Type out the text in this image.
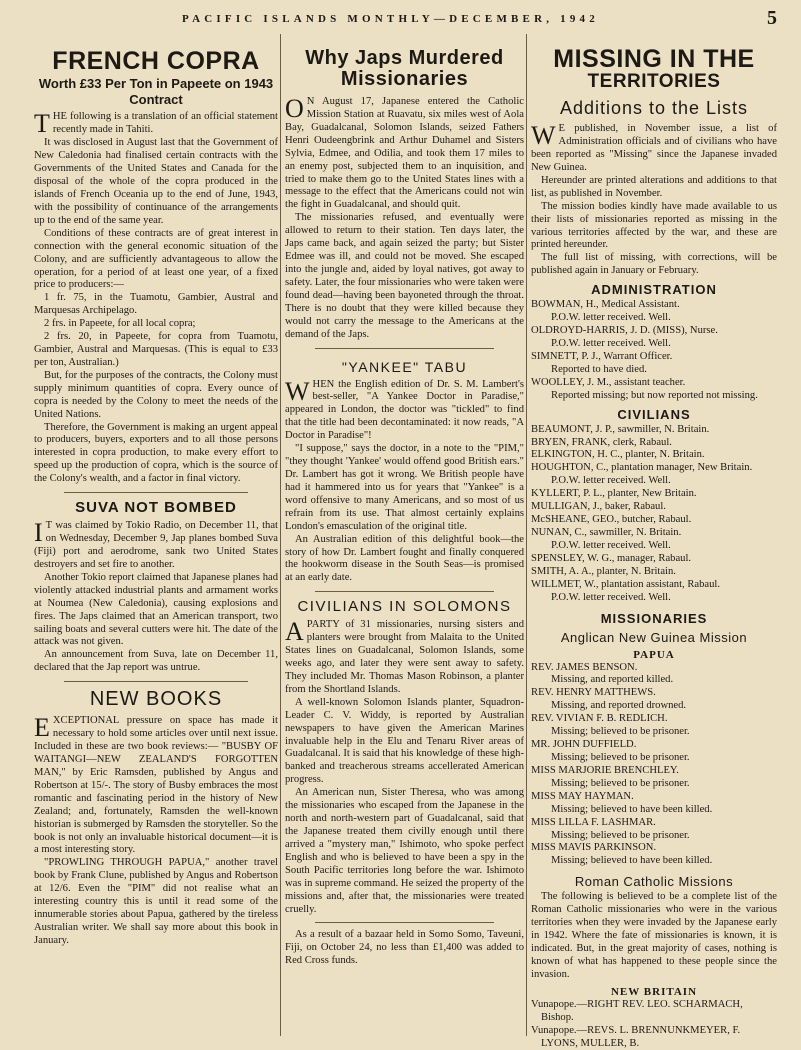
PACIFIC ISLANDS MONTHLY—DECEMBER, 1942	5
FRENCH COPRA
Worth £33 Per Ton in Papeete on 1943 Contract

THE following is a translation of an official statement recently made in Tahiti.

It was disclosed in August last that the Government of New Caledonia had finalised certain contracts with the Governments of the United States and Canada for the disposal of the whole of the copra produced in the islands of French Oceania up to the end of June, 1943, with the possibility of continuance of the arrangements up to the end of the same year.

Conditions of these contracts are of great interest in connection with the general economic situation of the Colony, and are sufficiently advantageous to allow the operation, for a period of at least one year, of a fixed price to producers:—

1 fr. 75, in the Tuamotu, Gambier, Austral and Marquesas Archipelago.

2 frs. in Papeete, for all local copra;

2 frs. 20, in Papeete, for copra from Tuamotu, Gambier, Austral and Marquesas. (This is equal to £33 per ton, Australian.)

But, for the purposes of the contracts, the Colony must supply minimum quantities of copra. Every ounce of copra is needed by the Colony to meet the needs of the United Nations.

Therefore, the Government is making an urgent appeal to producers, buyers, exporters and to all those persons interested in copra production, to make every effort to speed up the production of copra, which is the source of the Colony's wealth, and a factor in final victory.

SUVA NOT BOMBED

IT was claimed by Tokio Radio, on December 11, that on Wednesday, December 9, Jap planes bombed Suva (Fiji) port and aerodrome, sank two United States destroyers and set fire to another.

Another Tokio report claimed that Japanese planes had violently attacked industrial plants and armament works at Noumea (New Caledonia), causing explosions and fires. The Japs claimed that an American transport, two sailing boats and several cutters were hit. The date of the attack was not given.

An announcement from Suva, late on December 11, declared that the Jap report was untrue.

NEW BOOKS

EXCEPTIONAL pressure on space has made it necessary to hold some articles over until next issue. Included in these are two book reviews:— "BUSBY OF WAITANGI—NEW ZEALAND'S FORGOTTEN MAN," by Eric Ramsden, published by Angus and Robertson at 15/-. The story of Busby embraces the most romantic and fascinating period in the history of New Zealand; and, fortunately, Ramsden the well-known historian is submerged by Ramsden the storyteller. So the book is not only an invaluable historical document—it is a most interesting story.

"PROWLING THROUGH PAPUA," another travel book by Frank Clune, published by Angus and Robertson at 12/6. Even the "PIM" did not realise what an interesting country this is until it read some of the innumerable stories about Papua, gathered by the tireless Australian writer. We shall say more about this book in January.

Why Japs Murdered Missionaries

ON August 17, Japanese entered the Catholic Mission Station at Ruavatu, six miles west of Aola Bay, Guadalcanal, Solomon Islands, seized Fathers Henri Oudeengbrink and Arthur Duhamel and Sisters Sylvia, Edmee, and Odilia, and took them 17 miles to an enemy post, subjected them to an inquisition, and tried to make them go to the United States lines with a message to the effect that the Americans could not win the fight in Guadalcanal, and should quit.

The missionaries refused, and eventually were allowed to return to their station. Ten days later, the Japs came back, and again seized the party; but Sister Edmee was ill, and could not be moved. She escaped into the jungle and, aided by loyal natives, got away to safety. Later, the four missionaries who were taken were found dead—having been bayoneted through the throat. There is no doubt that they were killed because they would not carry the message to the Americans at the demand of the Japs.

"YANKEE" TABU

WHEN the English edition of Dr. S. M. Lambert's best-seller, "A Yankee Doctor in Paradise," appeared in London, the doctor was "tickled" to find that the title had been decontaminated: it now reads, "A Doctor in Paradise"!

"I suppose," says the doctor, in a note to the "PIM," "they thought 'Yankee' would offend good British ears." Dr. Lambert has got it wrong. We British people have had it hammered into us for years that "Yankee" is a word offensive to many Americans, and so most of us refrain from its use. That almost certainly explains London's emasculation of the original title.

An Australian edition of this delightful book—the story of how Dr. Lambert fought and finally conquered the hookworm disease in the South Seas—is promised at an early date.

CIVILIANS IN SOLOMONS

APARTY of 31 missionaries, nursing sisters and planters were brought from Malaita to the United States lines on Guadalcanal, Solomon Islands, some weeks ago, and later they were sent away to safety. They included Mr. Thomas Mason Robinson, a planter from the Shortland Islands.

A well-known Solomon Islands planter, Squadron-Leader C. V. Widdy, is reported by Australian newspapers to have given the American Marines invaluable help in the Elu and Tenaru River areas of Guadalcanal. It is said that his knowledge of these high-banked and treacherous streams accellerated American progress.

An American nun, Sister Theresa, who was among the missionaries who escaped from the Japanese in the north and north-western part of Guadalcanal, said that the Japanese treated them civilly enough until there arrived a "mystery man," Ishimoto, who spoke perfect English and who is believed to have been a spy in the South Pacific territories long before the war. Ishimoto was in supreme command. He seized the property of the missions and, after that, the missionaries were treated cruelly.

As a result of a bazaar held in Somo Somo, Taveuni, Fiji, on October 24, no less than £1,400 was added to Red Cross funds.

MISSING IN THE
TERRITORIES
Additions to the Lists

WE published, in November issue, a list of Administration officials and of civilians who have been reported as "Missing" since the Japanese invaded New Guinea.

Hereunder are printed alterations and additions to that list, as published in November.

The mission bodies kindly have made available to us their lists of missionaries reported as missing in the various territories affected by the war, and these are printed hereunder.

The full list of missing, with corrections, will be published again in January or February.

ADMINISTRATION
BOWMAN, H., Medical Assistant.
P.O.W. letter received. Well.
OLDROYD-HARRIS, J. D. (MISS), Nurse.
P.O.W. letter received. Well.
SIMNETT, P. J., Warrant Officer.
Reported to have died.
WOOLLEY, J. M., assistant teacher.
Reported missing; but now reported not missing.
CIVILIANS
BEAUMONT, J. P., sawmiller, N. Britain.
BRYEN, FRANK, clerk, Rabaul.
ELKINGTON, H. C., planter, N. Britain.
HOUGHTON, C., plantation manager, New Britain.
P.O.W. letter received. Well.
KYLLERT, P. L., planter, New Britain.
MULLIGAN, J., baker, Rabaul.
McSHEANE, GEO., butcher, Rabaul.
NUNAN, C., sawmiller, N. Britain.
P.O.W. letter received. Well.
SPENSLEY, W. G., manager, Rabaul.
SMITH, A. A., planter, N. Britain.
WILLMET, W., plantation assistant, Rabaul.
P.O.W. letter received. Well.
MISSIONARIES
Anglican New Guinea Mission
PAPUA
REV. JAMES BENSON.
Missing, and reported killed.
REV. HENRY MATTHEWS.
Missing, and reported drowned.
REV. VIVIAN F. B. REDLICH.
Missing; believed to be prisoner.
MR. JOHN DUFFIELD.
Missing; believed to be prisoner.
MISS MARJORIE BRENCHLEY.
Missing; believed to be prisoner.
MISS MAY HAYMAN.
Missing; believed to have been killed.
MISS LILLA F. LASHMAR.
Missing; believed to be prisoner.
MISS MAVIS PARKINSON.
Missing; believed to have been killed.
Roman Catholic Missions

The following is believed to be a complete list of the Roman Catholic missionaries who were in the various territories when they were invaded by the Japanese early in 1942. Where the fate of missionaries is known, it is indicated. But, in the great majority of cases, nothing is known of what has happened to these people since the invasion.

NEW BRITAIN
Vunapope.—RIGHT REV. LEO. SCHARMACH, Bishop.
Vunapope.—REVS. L. BRENNUNKMEYER, F. LYONS, MULLER, B.
